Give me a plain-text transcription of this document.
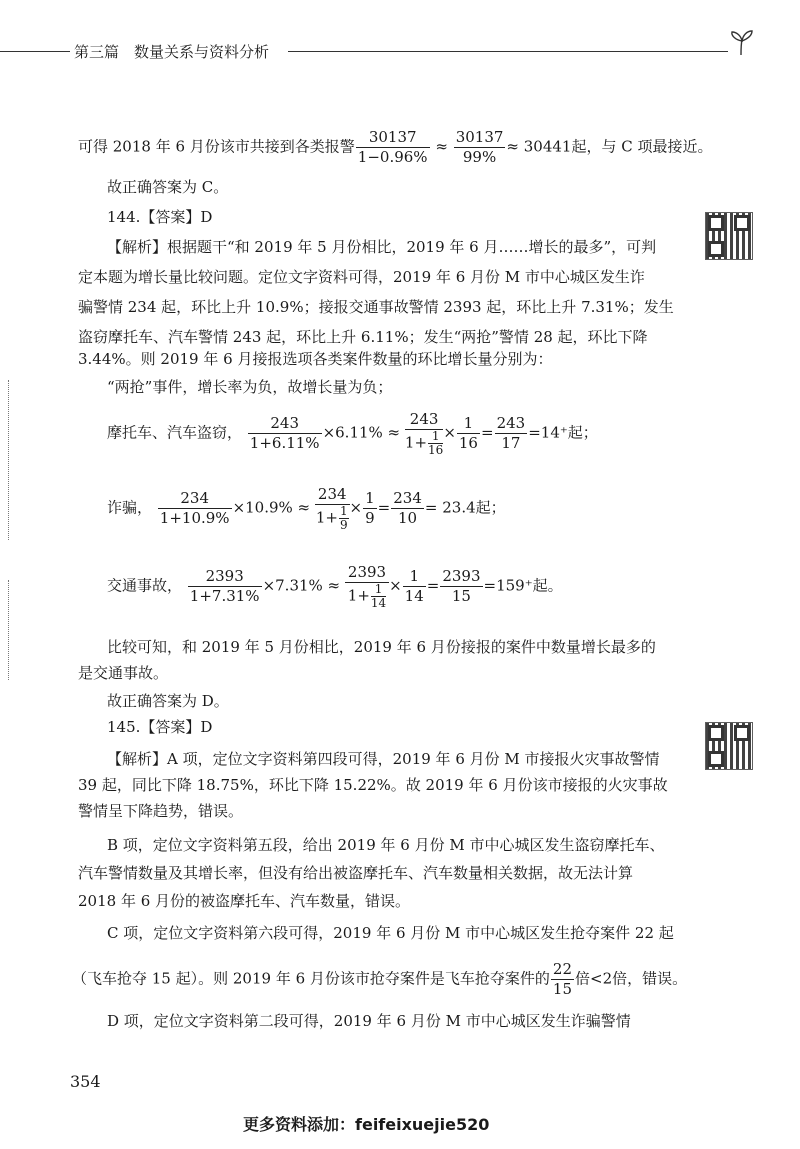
第三篇　数量关系与资料分析
可得 2018 年 6 月份该市共接到各类报警 $\frac{30137}{1-0.96\%} \approx \frac{30137}{99\%} \approx 30441$起，与 C 项最接近。
故正确答案为 C。
144.【答案】D
【解析】根据题干“和 2019 年 5 月份相比，2019 年 6 月……增长的最多”，可判
定本题为增长量比较问题。定位文字资料可得，2019 年 6 月份 M 市中心城区发生诈
骗警情 234 起，环比上升 10.9%；接报交通事故警情 2393 起，环比上升 7.31%；发生
盗窃摩托车、汽车警情 243 起，环比上升 6.11%；发生“两抢”警情 28 起，环比下降
3.44%。则 2019 年 6 月接报选项各类案件数量的环比增长量分别为：
“两抢”事件，增长率为负，故增长量为负；
摩托车、汽车盗窃， $\frac{243}{1+6.11\%} \times 6.11\% \approx \frac{243}{1+ \frac{1}{16}} \times \frac{1}{16} = \frac{243}{17} =14^+$起；
诈骗， $\frac{234}{1+10.9\%} \times 10.9\% \approx \frac{234}{1+ \frac{1}{9}} \times \frac{1}{9} = \frac{234}{10} = 23.4$起；
交通事故， $\frac{2393}{1+7.31\%} \times 7.31\% \approx \frac{2393}{1+ \frac{1}{14}} \times \frac{1}{14} = \frac{2393}{15} =159^+$起。
比较可知，和 2019 年 5 月份相比，2019 年 6 月份接报的案件中数量增长最多的
是交通事故。
故正确答案为 D。
145.【答案】D
【解析】A 项，定位文字资料第四段可得，2019 年 6 月份 M 市接报火灾事故警情
39 起，同比下降 18.75%，环比下降 15.22%。故 2019 年 6 月份该市接报的火灾事故
警情呈下降趋势，错误。
B 项，定位文字资料第五段，给出 2019 年 6 月份 M 市中心城区发生盗窃摩托车、
汽车警情数量及其增长率，但没有给出被盗摩托车、汽车数量相关数据，故无法计算
2018 年 6 月份的被盗摩托车、汽车数量，错误。
C 项，定位文字资料第六段可得，2019 年 6 月份 M 市中心城区发生抢夺案件 22 起
（飞车抢夺 15 起）。则 2019 年 6 月份该市抢夺案件是飞车抢夺案件的 $\frac{22}{15}$ 倍<2倍，错误。
D 项，定位文字资料第二段可得，2019 年 6 月份 M 市中心城区发生诈骗警情
354
更多资料添加：feifeixuejie520
